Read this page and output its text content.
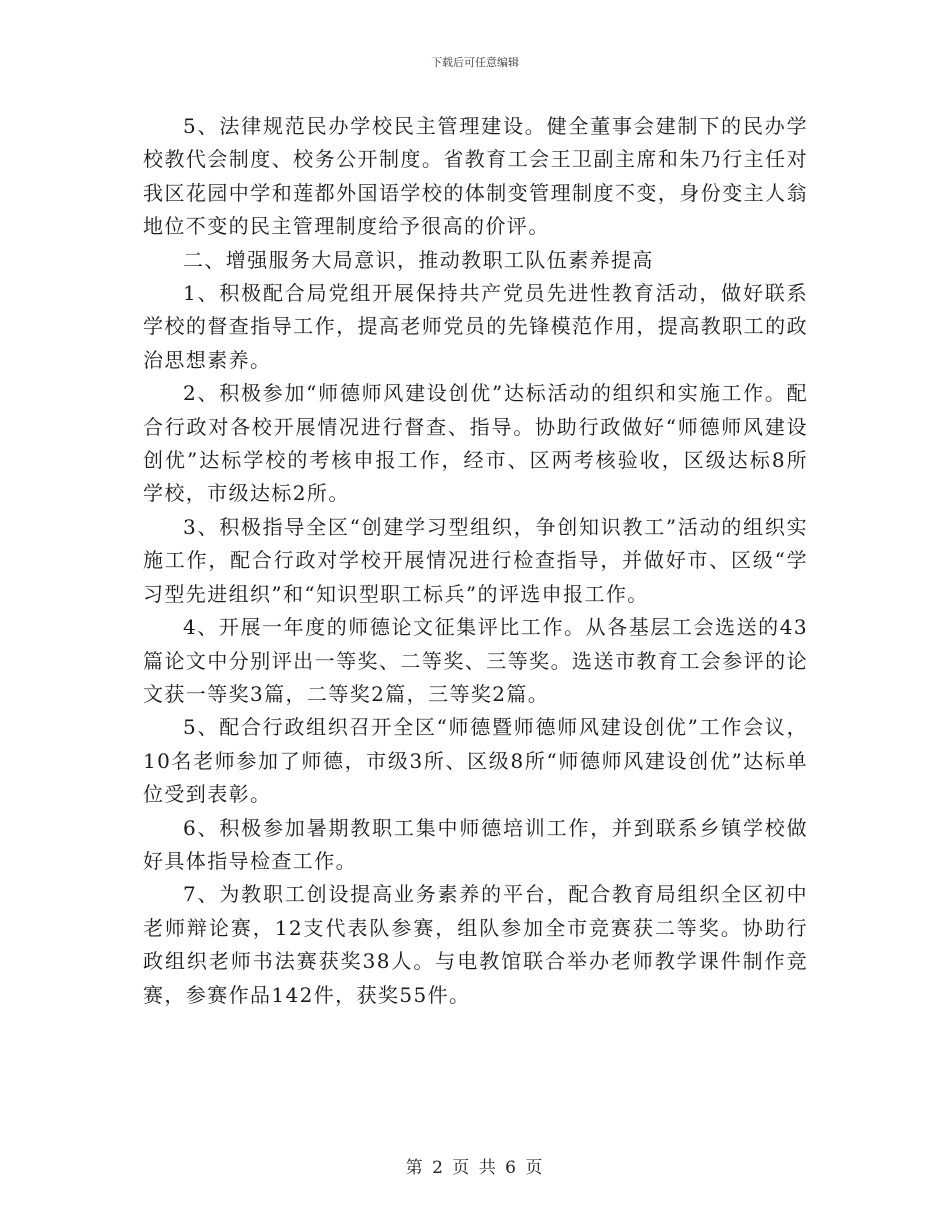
下载后可任意编辑

5、法律规范民办学校民主管理建设。健全董事会建制下的民办学校教代会制度、校务公开制度。省教育工会王卫副主席和朱乃行主任对我区花园中学和莲都外国语学校的体制变管理制度不变，身份变主人翁地位不变的民主管理制度给予很高的价评。

二、增强服务大局意识，推动教职工队伍素养提高

1、积极配合局党组开展保持共产党员先进性教育活动，做好联系学校的督查指导工作，提高老师党员的先锋模范作用，提高教职工的政治思想素养。

2、积极参加“师德师风建设创优”达标活动的组织和实施工作。配合行政对各校开展情况进行督查、指导。协助行政做好“师德师风建设创优”达标学校的考核申报工作，经市、区两考核验收，区级达标8所学校，市级达标2所。

3、积极指导全区“创建学习型组织，争创知识教工”活动的组织实施工作，配合行政对学校开展情况进行检查指导，并做好市、区级“学习型先进组织”和“知识型职工标兵”的评选申报工作。

4、开展一年度的师德论文征集评比工作。从各基层工会选送的43篇论文中分别评出一等奖、二等奖、三等奖。选送市教育工会参评的论文获一等奖3篇，二等奖2篇，三等奖2篇。

5、配合行政组织召开全区“师德暨师德师风建设创优”工作会议，10名老师参加了师德，市级3所、区级8所“师德师风建设创优”达标单位受到表彰。

6、积极参加暑期教职工集中师德培训工作，并到联系乡镇学校做好具体指导检查工作。

7、为教职工创设提高业务素养的平台，配合教育局组织全区初中老师辩论赛，12支代表队参赛，组队参加全市竞赛获二等奖。协助行政组织老师书法赛获奖38人。与电教馆联合举办老师教学课件制作竞赛，参赛作品142件，获奖55件。

第 2 页 共 6 页
